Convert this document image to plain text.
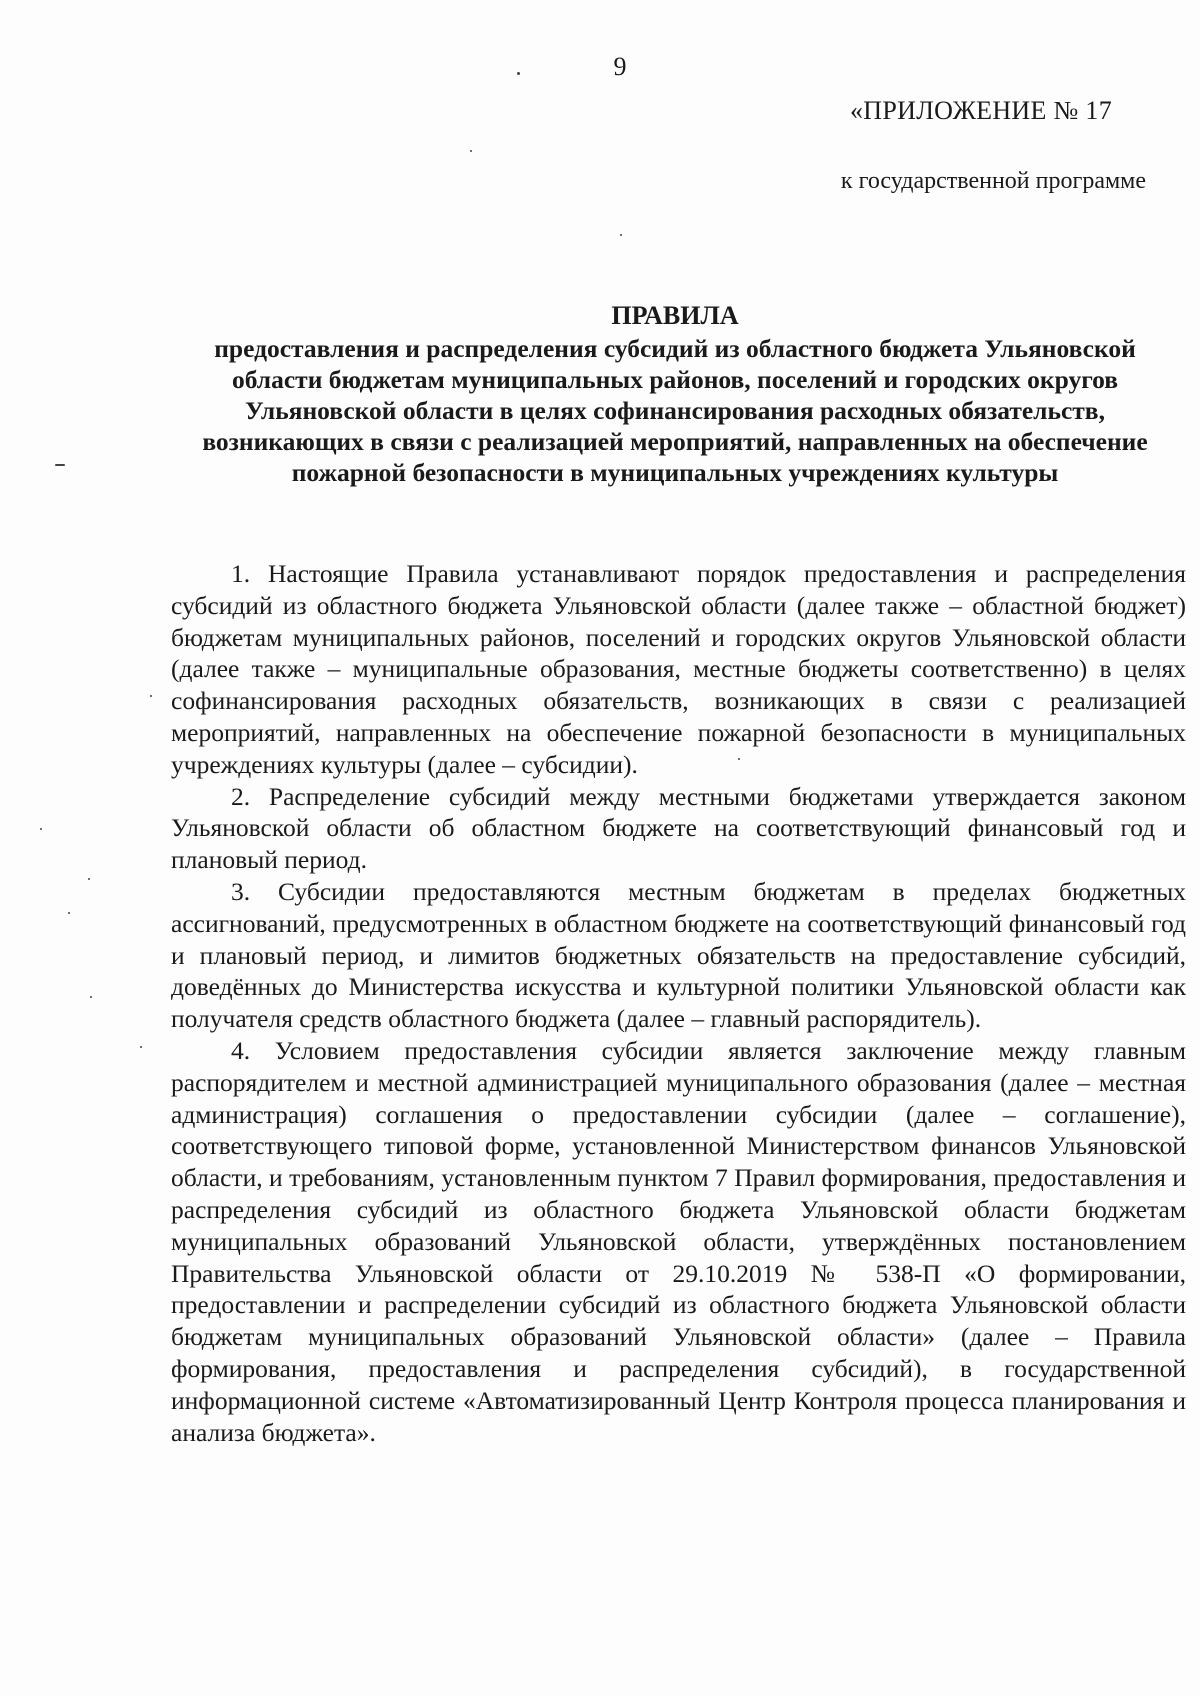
9
«ПРИЛОЖЕНИЕ № 17
к государственной программе
ПРАВИЛА
предоставления и распределения субсидий из областного бюджета Ульяновской области бюджетам муниципальных районов, поселений и городских округов Ульяновской области в целях софинансирования расходных обязательств, возникающих в связи с реализацией мероприятий, направленных на обеспечение пожарной безопасности в муниципальных учреждениях культуры

1. Настоящие Правила устанавливают порядок предоставления и распределения субсидий из областного бюджета Ульяновской области (далее также – областной бюджет) бюджетам муниципальных районов, поселений и городских округов Ульяновской области (далее также – муниципальные образования, местные бюджеты соответственно) в целях софинансирования расходных обязательств, возникающих в связи с реализацией мероприятий, направленных на обеспечение пожарной безопасности в муниципальных учреждениях культуры (далее – субсидии).

2. Распределение субсидий между местными бюджетами утверждается законом Ульяновской области об областном бюджете на соответствующий финансовый год и плановый период.

3. Субсидии предоставляются местным бюджетам в пределах бюджетных ассигнований, предусмотренных в областном бюджете на соответствующий финансовый год и плановый период, и лимитов бюджетных обязательств на предоставление субсидий, доведённых до Министерства искусства и культурной политики Ульяновской области как получателя средств областного бюджета (далее – главный распорядитель).

4. Условием предоставления субсидии является заключение между главным распорядителем и местной администрацией муниципального образования (далее – местная администрация) соглашения о предоставлении субсидии (далее – соглашение), соответствующего типовой форме, установленной Министерством финансов Ульяновской области, и требованиям, установленным пунктом 7 Правил формирования, предоставления и распределения субсидий из областного бюджета Ульяновской области бюджетам муниципальных образований Ульяновской области, утверждённых постановлением Правительства Ульяновской области от 29.10.2019 № 538-П «О формировании, предоставлении и распределении субсидий из областного бюджета Ульяновской области бюджетам муниципальных образований Ульяновской области» (далее – Правила формирования, предоставления и распределения субсидий), в государственной информационной системе «Автоматизированный Центр Контроля процесса планирования и анализа бюджета».
